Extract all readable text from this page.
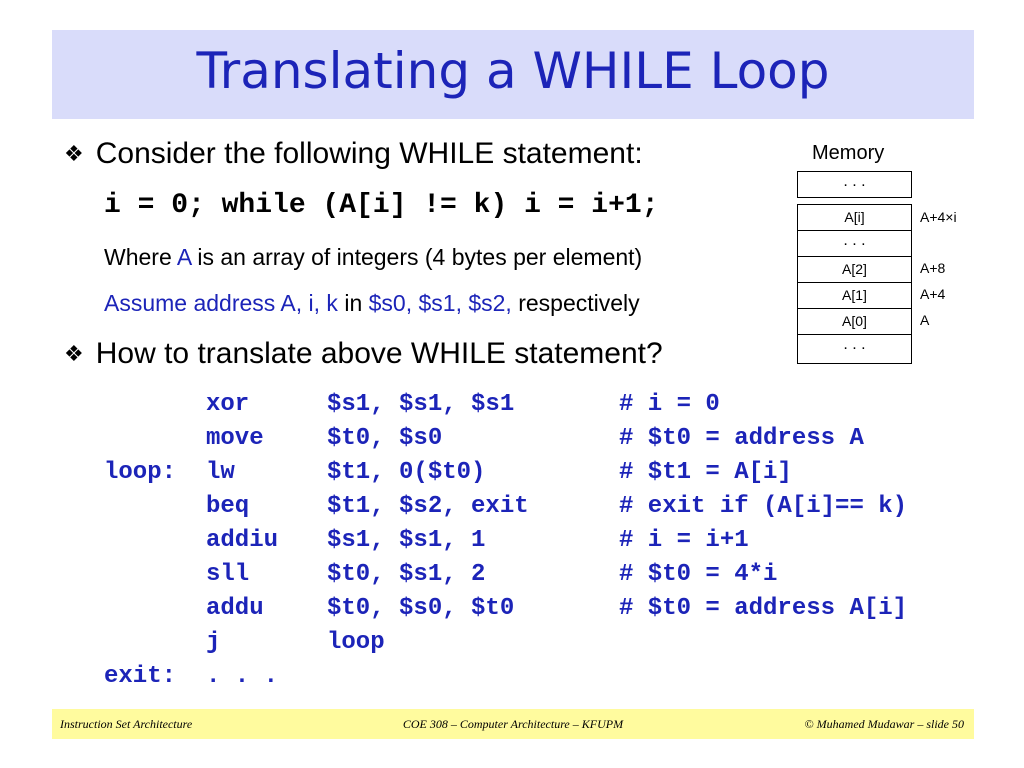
Translating a WHILE Loop
❖ Consider the following WHILE statement:
i = 0; while (A[i] != k) i = i+1;
Where A is an array of integers (4 bytes per element)
Assume address A, i, k in $s0, $s1, $s2, respectively
❖ How to translate above WHILE statement?
Memory
. . .
A[i]	A+4×i
. . .
A[2]	A+8
A[1]	A+4
A[0]	A
. . .
xor	$s1, $s1, $s1	# i = 0
move	$t0, $s0	# $t0 = address A
loop: lw	$t1, 0($t0)	# $t1 = A[i]
beq	$t1, $s2, exit	# exit if (A[i]== k)
addiu $s1, $s1, 1	# i = i+1
sll	$t0, $s1, 2	# $t0 = 4*i
addu	$t0, $s0, $t0	# $t0 = address A[i]
j	loop
exit: . . .
Instruction Set Architecture	COE 308 – Computer Architecture – KFUPM	© Muhamed Mudawar – slide 50
